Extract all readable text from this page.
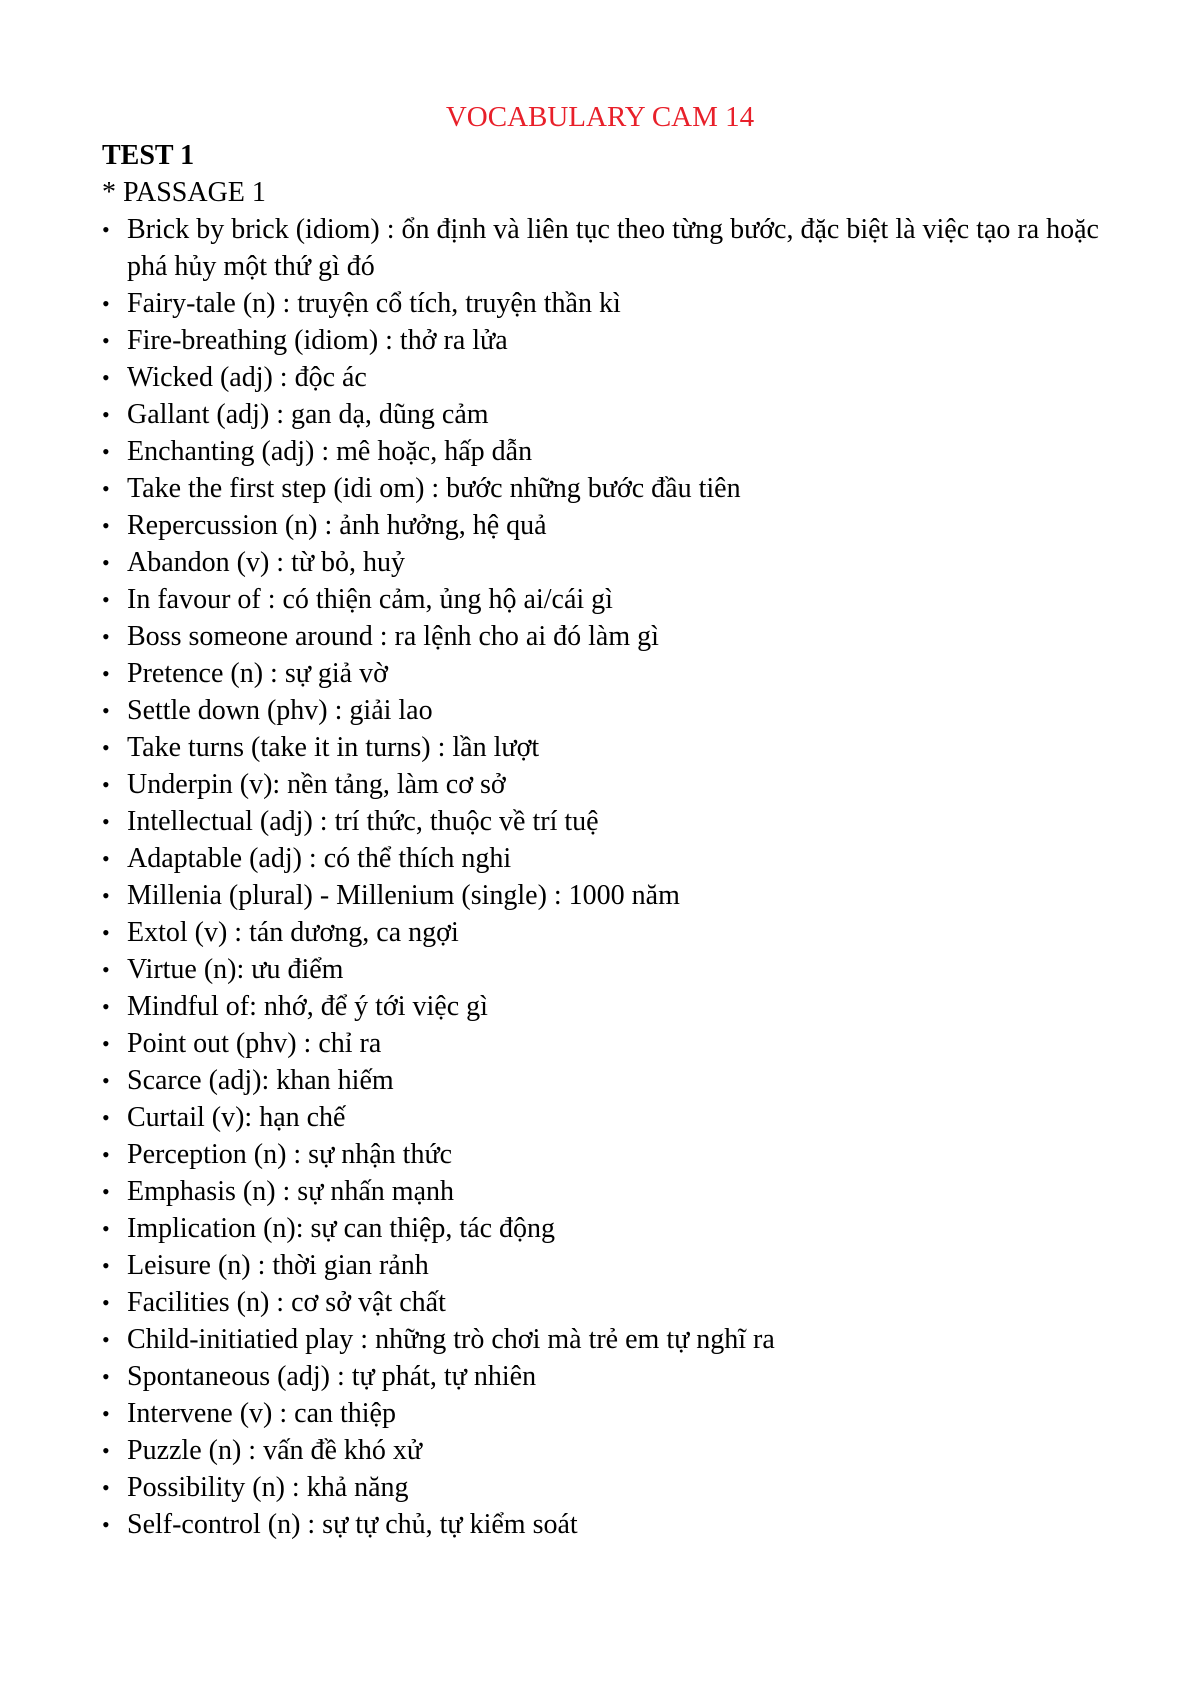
VOCABULARY CAM 14

TEST 1

* PASSAGE 1

• Brick by brick (idiom) : ổn định và liên tục theo từng bước, đặc biệt là việc tạo ra hoặc phá hủy một thứ gì đó
• Fairy-tale (n) : truyện cổ tích, truyện thần kì
• Fire-breathing (idiom) : thở ra lửa
• Wicked (adj) : độc ác
• Gallant (adj) : gan dạ, dũng cảm
• Enchanting (adj) : mê hoặc, hấp dẫn
• Take the first step (idi om) : bước những bước đầu tiên
• Repercussion (n) : ảnh hưởng, hệ quả
• Abandon (v) : từ bỏ, huỷ
• In favour of : có thiện cảm, ủng hộ ai/cái gì
• Boss someone around : ra lệnh cho ai đó làm gì
• Pretence (n) : sự giả vờ
• Settle down (phv) : giải lao
• Take turns (take it in turns) : lần lượt
• Underpin (v): nền tảng, làm cơ sở
• Intellectual (adj) : trí thức, thuộc về trí tuệ
• Adaptable (adj) : có thể thích nghi
• Millenia (plural) - Millenium (single) : 1000 năm
• Extol (v) : tán dương, ca ngợi
• Virtue (n): ưu điểm
• Mindful of: nhớ, để ý tới việc gì
• Point out (phv) : chỉ ra
• Scarce (adj): khan hiếm
• Curtail (v): hạn chế
• Perception (n) : sự nhận thức
• Emphasis (n) : sự nhấn mạnh
• Implication (n): sự can thiệp, tác động
• Leisure (n) : thời gian rảnh
• Facilities (n) : cơ sở vật chất
• Child-initiatied play : những trò chơi mà trẻ em tự nghĩ ra
• Spontaneous (adj) : tự phát, tự nhiên
• Intervene (v) : can thiệp
• Puzzle (n) : vấn đề khó xử
• Possibility (n) : khả năng
• Self-control (n) : sự tự chủ, tự kiểm soát
